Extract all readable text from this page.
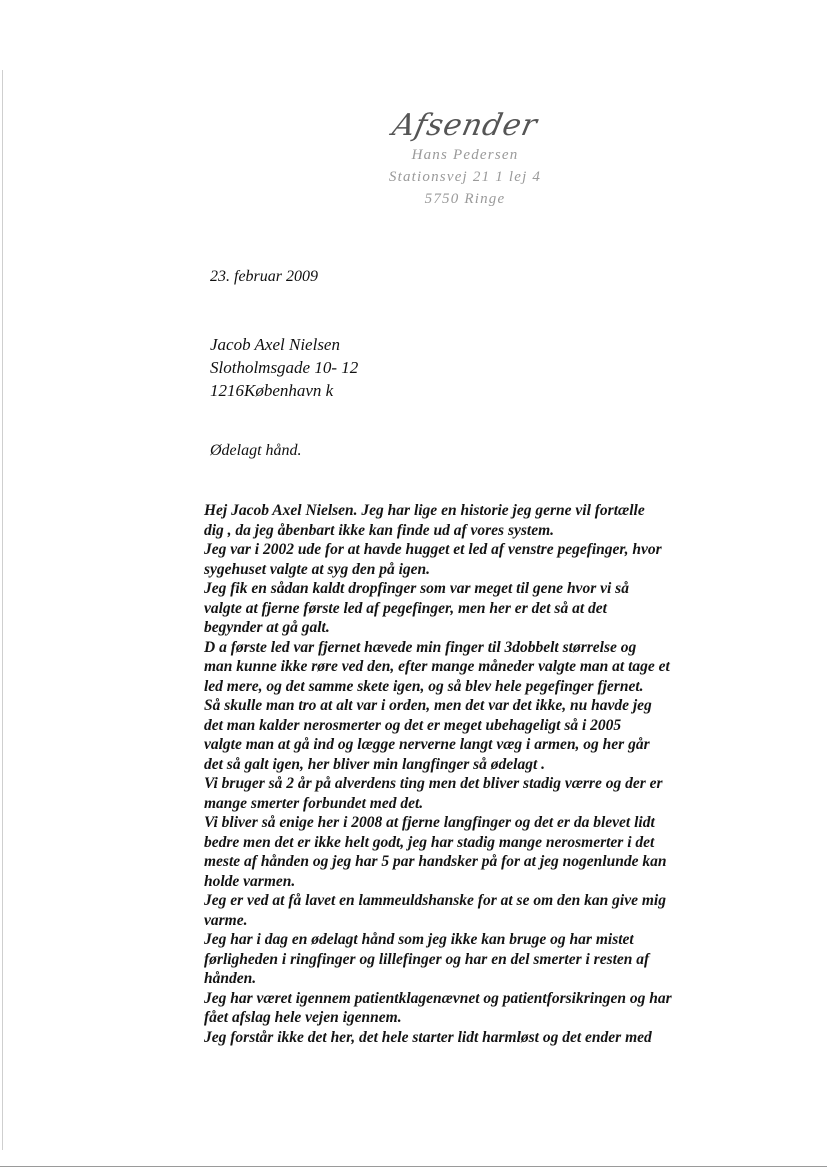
Afsender
Hans Pedersen
Stationsvej 21 1 lej 4
5750 Ringe
23. februar 2009
Jacob Axel Nielsen
Slotholmsgade 10- 12
1216København k
Ødelagt hånd.
Hej Jacob Axel Nielsen. Jeg har lige en historie jeg gerne vil fortælle
dig , da jeg åbenbart ikke kan finde ud af vores system.
Jeg var i 2002 ude for at havde hugget et led af venstre pegefinger, hvor
sygehuset valgte at syg den på igen.
Jeg fik en sådan kaldt dropfinger som var meget til gene hvor vi så
valgte at fjerne første led af pegefinger, men her er det så at det
begynder at gå galt.
D a første led var fjernet hævede min finger til 3dobbelt størrelse og
man kunne ikke røre ved den, efter mange måneder valgte man at tage et
led mere, og det samme skete igen, og så blev hele pegefinger fjernet.
Så skulle man tro at alt var i orden, men det var det ikke, nu havde jeg
det man kalder nerosmerter og det er meget ubehageligt så i 2005
valgte man at gå ind og lægge nerverne langt væg i armen, og her går
det så galt igen, her bliver min langfinger så ødelagt .
Vi bruger så 2 år på alverdens ting men det bliver stadig værre og der er
mange smerter forbundet med det.
Vi bliver så enige her i 2008 at fjerne langfinger og det er da blevet lidt
bedre men det er ikke helt godt, jeg har stadig mange nerosmerter i det
meste af hånden og jeg har 5 par handsker på for at jeg nogenlunde kan
holde varmen.
Jeg er ved at få lavet en lammeuldshanske for at se om den kan give mig
varme.
Jeg har i dag en ødelagt hånd som jeg ikke kan bruge og har mistet
førligheden i ringfinger og lillefinger og har en del smerter i resten af
hånden.
Jeg har været igennem patientklagenævnet og patientforsikringen og har
fået afslag hele vejen igennem.
Jeg forstår ikke det her, det hele starter lidt harmløst og det ender med
